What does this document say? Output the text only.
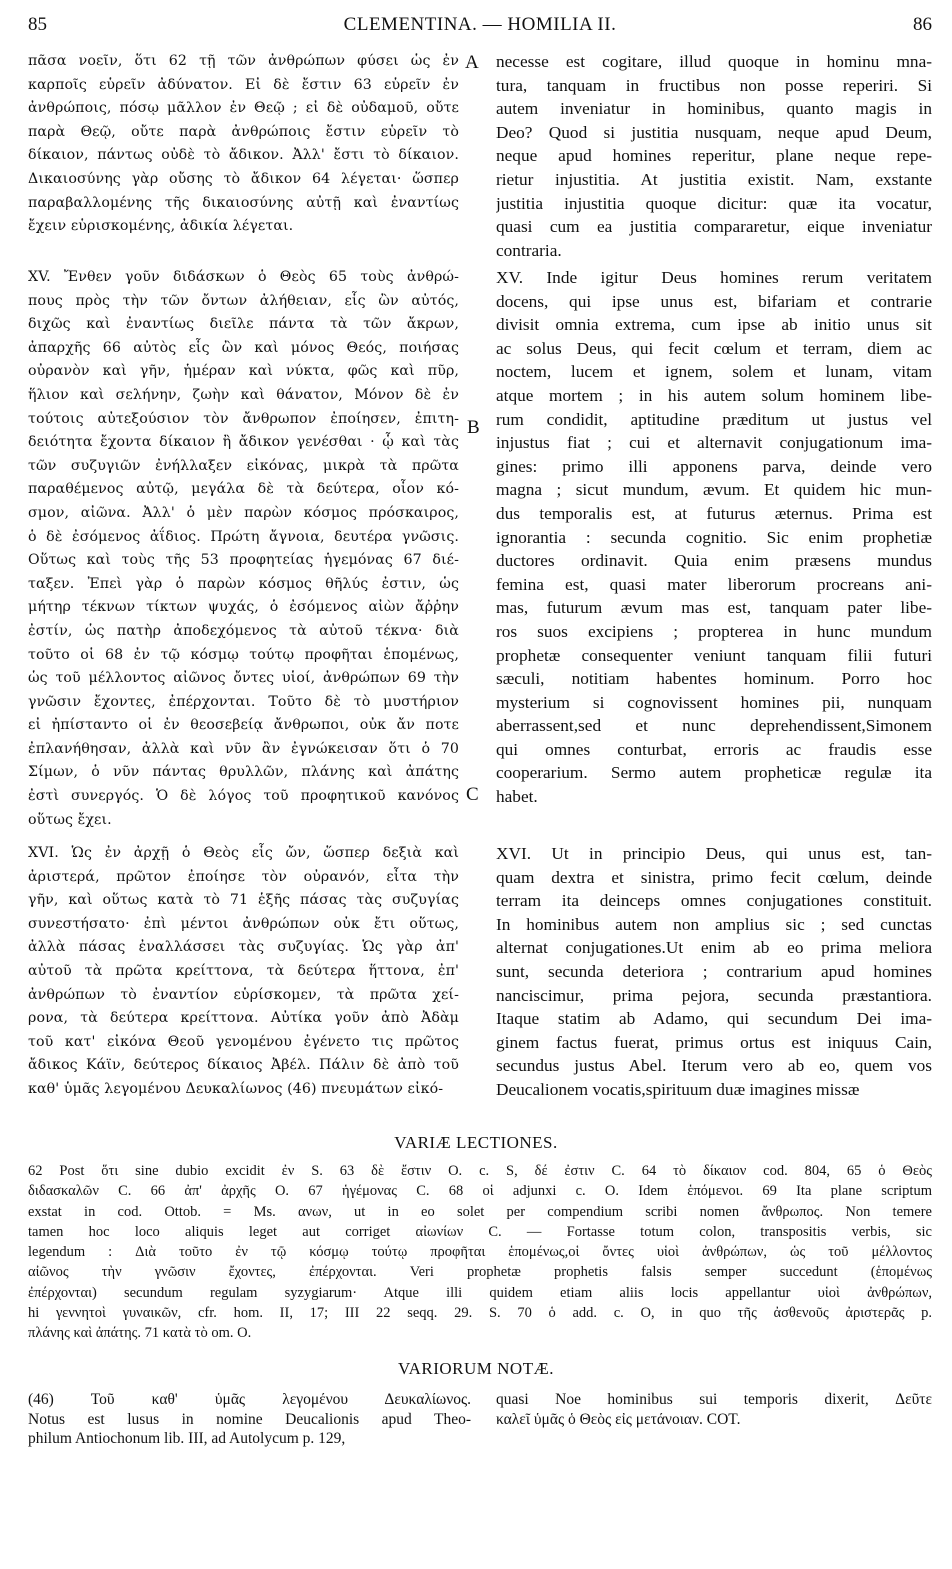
85	CLEMENTINA. — HOMILIA II.	86
πᾶσα νοεῖν, ὅτι 62 τῇ τῶν ἀνθρώπων φύσει ὡς ἐν
καρποῖς εὑρεῖν ἀδύνατον. Εἰ δὲ ἔστιν 63 εὑρεῖν ἐν
ἀνθρώποις, πόσῳ μᾶλλον ἐν Θεῷ ; εἰ δὲ οὐδαμοῦ, οὔτε
παρὰ Θεῷ, οὔτε παρὰ ἀνθρώποις ἔστιν εὑρεῖν τὸ
δίκαιον, πάντως οὐδὲ τὸ ἄδικον. Ἀλλ' ἔστι τὸ δίκαιον.
Δικαιοσύνης γὰρ οὔσης τὸ ἄδικον 64 λέγεται· ὥσπερ
παραβαλλομένης τῆς δικαιοσύνης αὐτῇ καὶ ἐναντίως
ἔχειν εὑρισκομένης, ἀδικία λέγεται.
necesse est cogitare, illud quoque in hominu mna-
tura, tanquam in fructibus non posse reperiri. Si
autem inveniatur in hominibus, quanto magis in
Deo? Quod si justitia nusquam, neque apud Deum,
neque apud homines reperitur, plane neque repe-
rietur injustitia. At justitia existit. Nam, exstante
justitia injustitia quoque dicitur: quæ ita vocatur,
quasi cum ea justitia compararetur, eique inveniatur
contraria.
XV. Ἔνθεν γοῦν διδάσκων ὁ Θεὸς 65 τοὺς ἀνθρώ-
πους πρὸς τὴν τῶν ὄντων ἀλήθειαν, εἷς ὢν αὐτός,
διχῶς καὶ ἐναντίως διεῖλε πάντα τὰ τῶν ἄκρων,
ἀπαρχῆς 66 αὐτὸς εἷς ὢν καὶ μόνος Θεός, ποιήσας
οὐρανὸν καὶ γῆν, ἡμέραν καὶ νύκτα, φῶς καὶ πῦρ,
ἥλιον καὶ σελήνην, ζωὴν καὶ θάνατον, Μόνον δὲ ἐν
τούτοις αὐτεξούσιον τὸν ἄνθρωπον ἐποίησεν, ἐπιτη-
δειότητα ἔχοντα δίκαιον ἢ ἄδικον γενέσθαι · ᾧ καὶ τὰς
τῶν συζυγιῶν ἐνήλλαξεν εἰκόνας, μικρὰ τὰ πρῶτα
παραθέμενος αὐτῷ, μεγάλα δὲ τὰ δεύτερα, οἷον κό-
σμον, αἰῶνα. Ἀλλ' ὁ μὲν παρὼν κόσμος πρόσκαιρος,
ὁ δὲ ἐσόμενος ἀΐδιος. Πρώτη ἄγνοια, δευτέρα γνῶσις.
Οὕτως καὶ τοὺς τῆς 53 προφητείας ἡγεμόνας 67 διέ-
ταξεν. Ἐπεὶ γὰρ ὁ παρὼν κόσμος θῆλύς ἐστιν, ὡς
μήτηρ τέκνων τίκτων ψυχάς, ὁ ἐσόμενος αἰὼν ἄῤῥην
ἐστίν, ὡς πατὴρ ἀποδεχόμενος τὰ αὐτοῦ τέκνα· διὰ
τοῦτο οἱ 68 ἐν τῷ κόσμῳ τούτῳ προφῆται ἑπομένως,
ὡς τοῦ μέλλοντος αἰῶνος ὄντες υἱοί, ἀνθρώπων 69 τὴν
γνῶσιν ἔχοντες, ἐπέρχονται. Τοῦτο δὲ τὸ μυστήριον
εἰ ἠπίσταντο οἱ ἐν θεοσεβείᾳ ἄνθρωποι, οὐκ ἄν ποτε
ἐπλανήθησαν, ἀλλὰ καὶ νῦν ἂν ἐγνώκεισαν ὅτι ὁ 70
Σίμων, ὁ νῦν πάντας θρυλλῶν, πλάνης καὶ ἀπάτης
ἐστὶ συνεργός. Ὁ δὲ λόγος τοῦ προφητικοῦ κανόνος
οὕτως ἔχει.
XV. Inde igitur Deus homines rerum veritatem
docens, qui ipse unus est, bifariam et contrarie
divisit omnia extrema, cum ipse ab initio unus sit
ac solus Deus, qui fecit cœlum et terram, diem ac
noctem, lucem et ignem, solem et lunam, vitam
atque mortem ; in his autem solum hominem libe-
rum condidit, aptitudine præditum ut justus vel
injustus fiat ; cui et alternavit conjugationum ima-
gines: primo illi apponens parva, deinde vero
magna ; sicut mundum, ævum. Et quidem hic mun-
dus temporalis est, at futurus æternus. Prima est
ignorantia : secunda cognitio. Sic enim prophetiæ
ductores ordinavit. Quia enim præsens mundus
femina est, quasi mater liberorum procreans ani-
mas, futurum ævum mas est, tanquam pater libe-
ros suos excipiens ; propterea in hunc mundum
prophetæ consequenter veniunt tanquam filii futuri
sæculi, notitiam habentes hominum. Porro hoc
mysterium si cognovissent homines pii, nunquam
aberrassent,sed et nunc deprehendissent,Simonem
qui omnes conturbat, erroris ac fraudis esse
cooperarium. Sermo autem propheticæ regulæ ita
habet.
XVI. Ὡς ἐν ἀρχῇ ὁ Θεὸς εἷς ὤν, ὥσπερ δεξιὰ καὶ
ἀριστερά, πρῶτον ἐποίησε τὸν οὐρανόν, εἶτα τὴν
γῆν, καὶ οὕτως κατὰ τὸ 71 ἑξῆς πάσας τὰς συζυγίας
συνεστήσατο· ἐπὶ μέντοι ἀνθρώπων οὐκ ἔτι οὕτως,
ἀλλὰ πάσας ἐναλλάσσει τὰς συζυγίας. Ὡς γὰρ ἀπ'
αὐτοῦ τὰ πρῶτα κρείττονα, τὰ δεύτερα ἥττονα, ἐπ'
ἀνθρώπων τὸ ἐναντίον εὑρίσκομεν, τὰ πρῶτα χεί-
ρονα, τὰ δεύτερα κρείττονα. Αὐτίκα γοῦν ἀπὸ Ἀδὰμ
τοῦ κατ' εἰκόνα Θεοῦ γενομένου ἐγένετο τις πρῶτος
ἄδικος Κάϊν, δεύτερος δίκαιος Ἀβέλ. Πάλιν δὲ ἀπὸ τοῦ
καθ' ὑμᾶς λεγομένου Δευκαλίωνος (46) πνευμάτων εἰκό-
XVI. Ut in principio Deus, qui unus est, tan-
quam dextra et sinistra, primo fecit cœlum, deinde
terram ita deinceps omnes conjugationes constituit.
In hominibus autem non amplius sic ; sed cunctas
alternat conjugationes.Ut enim ab eo prima meliora
sunt, secunda deteriora ; contrarium apud homines
nanciscimur, prima pejora, secunda præstantiora.
Itaque statim ab Adamo, qui secundum Dei ima-
ginem factus fuerat, primus ortus est iniquus Cain,
secundus justus Abel. Iterum vero ab eo, quem vos
Deucalionem vocatis,spirituum duæ imagines missæ
A
B
C
VARIÆ LECTIONES.
62 Post ὅτι sine dubio excidit ἐν S. 63 δὲ ἔστιν O. c. S, δέ ἐστιν C. 64 τὸ δίκαιον cod. 804, 65 ὁ Θεὸς
διδασκαλῶν C. 66 ἀπ' ἀρχῆς O. 67 ἡγέμονας C. 68 oἱ adjunxi c. O. Idem ἑπόμενοι. 69 Ita plane scriptum
exstat in cod. Ottob. = Ms. ανων, ut in eo solet per compendium scribi nomen ἄνθρωπος. Non temere
tamen hoc loco aliquis leget aut corriget αἰωνίων C. — Fortasse totum colon, transpositis verbis, sic
legendum : Διὰ τοῦτο ἐν τῷ κόσμῳ τούτῳ προφῆται ἑπομένως,οἱ ὄντες υἱοὶ ἀνθρώπων, ὡς τοῦ μέλλοντος
αἰῶνος τὴν γνῶσιν ἔχοντες, ἐπέρχονται. Veri prophetæ prophetis falsis semper succedunt (ἑπομένως
ἐπέρχονται) secundum regulam syzygiarum· Atque illi quidem etiam aliis locis appellantur υἱοὶ ἀνθρώπων,
hi γεννητοὶ γυναικῶν, cfr. hom. II, 17; III 22 seqq. 29. S. 70 ὁ add. c. O, in quo τῆς ἀσθενοῦς ἀριστερᾶς p.
πλάνης καὶ ἀπάτης. 71 κατὰ τὸ om. O.
VARIORUM NOTÆ.
(46) Τοῦ καθ' ὑμᾶς λεγομένου Δευκαλίωνος.
Notus est lusus in nomine Deucalionis apud Theo-
philum Antiochonum lib. III, ad Autolycum p. 129,
quasi Noe hominibus sui temporis dixerit, Δεῦτε
καλεῖ ὑμᾶς ὁ Θεὸς εἰς μετάνοιαν. COT.
